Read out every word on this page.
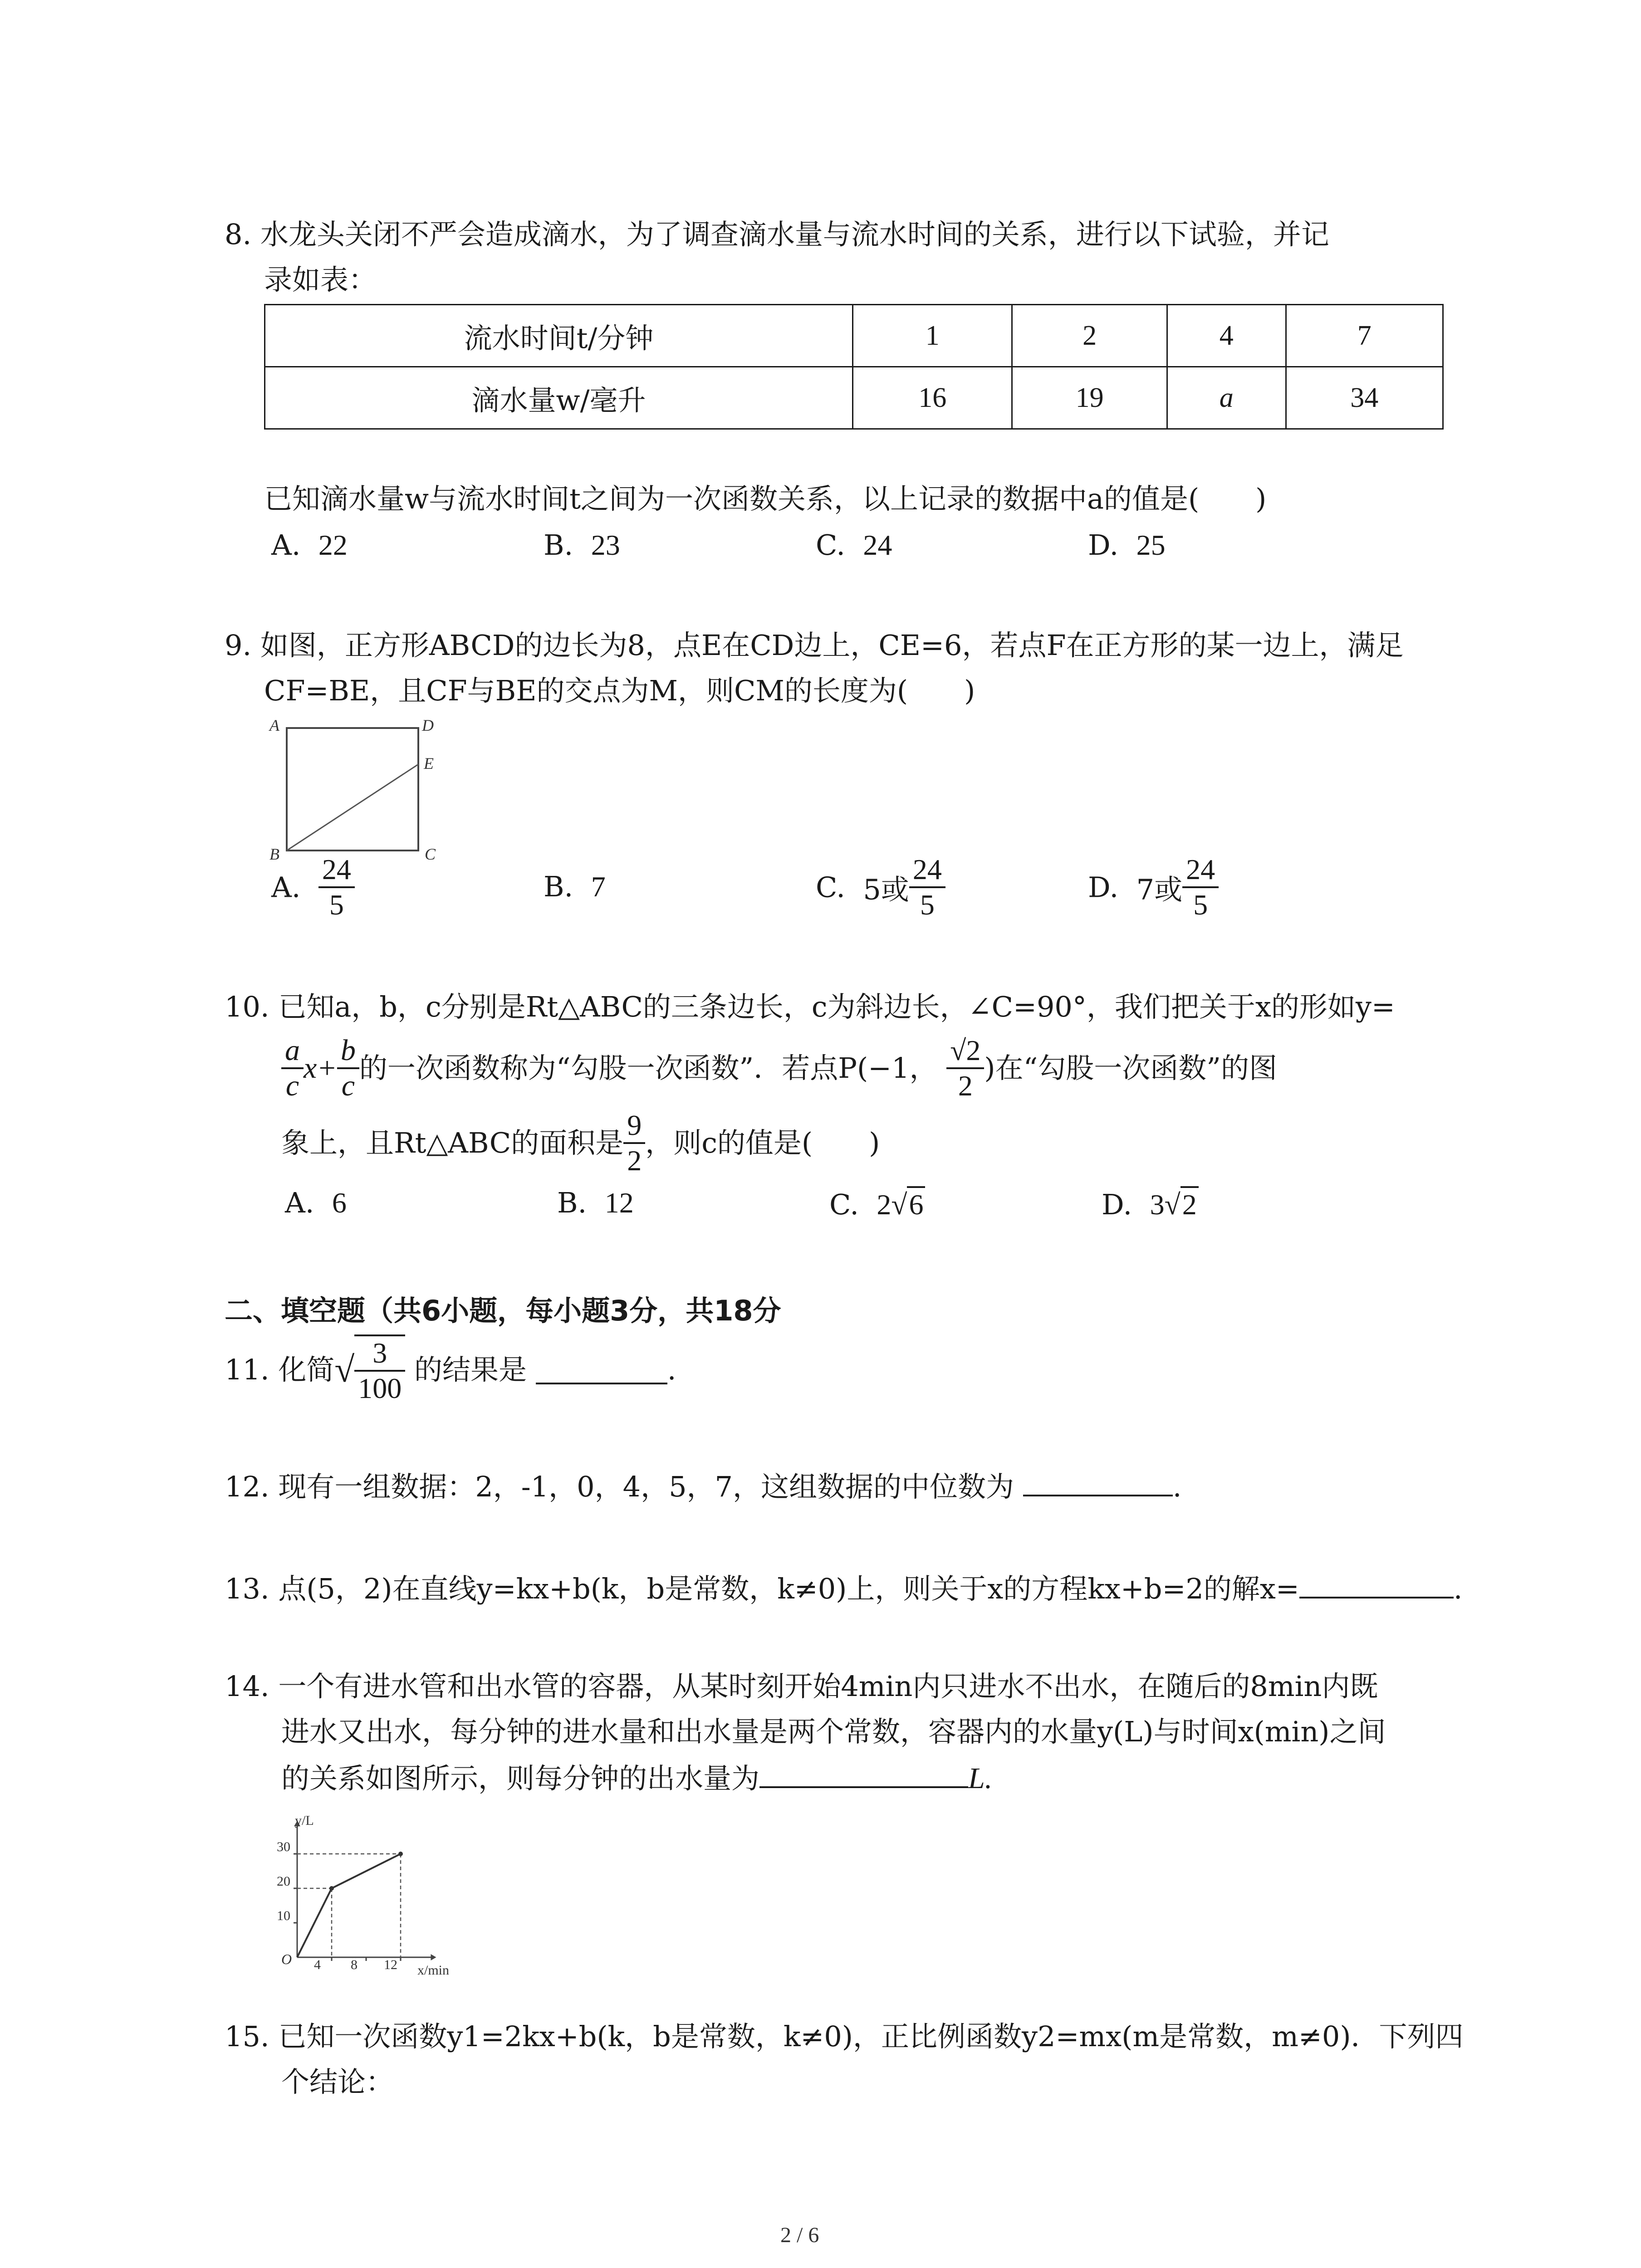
8. 水龙头关闭不严会造成滴水，为了调查滴水量与流水时间的关系，进行以下试验，并记
录如表：
流水时间t/分钟	1	2	4	7
滴水量w/毫升	16	19	a	34
已知滴水量w与流水时间t之间为一次函数关系，以上记录的数据中a的值是(　　)
A. 22	B. 23	C. 24	D. 25
9. 如图，正方形ABCD的边长为8，点E在CD边上，CE=6，若点F在正方形的某一边上，满足
CF=BE，且CF与BE的交点为M，则CM的长度为(　　)
A	D
E
B	C
A. $\frac{24}{5}$	B. 7	C. 5或 $\frac{24}{5}$	D. 7或 $\frac{24}{5}$
10. 已知a，b，c分别是Rt△ABC的三条边长，c为斜边长，∠C=90°，我们把关于x的形如y=
$\frac{a}{c} x+ \frac{b}{c}$ 的一次函数称为“勾股一次函数”．若点P(−1， $\frac{√2}{2}$ )在“勾股一次函数”的图
象上，且Rt△ABC的面积是 $\frac{9}{2}$ ，则c的值是(　　)
A. 6	B. 12	C. 2√6	D. 3√2
二、填空题（共6小题，每小题3分，共18分
11. 化简√ $\frac{3}{100}$ 的结果是	.
12. 现有一组数据：2，-1，0，4，5，7，这组数据的中位数为	.
13. 点(5，2)在直线y=kx+b(k，b是常数，k≠0)上，则关于x的方程kx+b=2的解x=	.
14. 一个有进水管和出水管的容器，从某时刻开始4min内只进水不出水，在随后的8min内既
进水又出水，每分钟的进水量和出水量是两个常数，容器内的水量y(L)与时间x(min)之间
的关系如图所示，则每分钟的出水量为	L.
y/L
x/min
O
30
20
10
4 8 12
15. 已知一次函数y1=2kx+b(k，b是常数，k≠0)，正比例函数y2=mx(m是常数，m≠0)．下列四
个结论：
2 / 6
